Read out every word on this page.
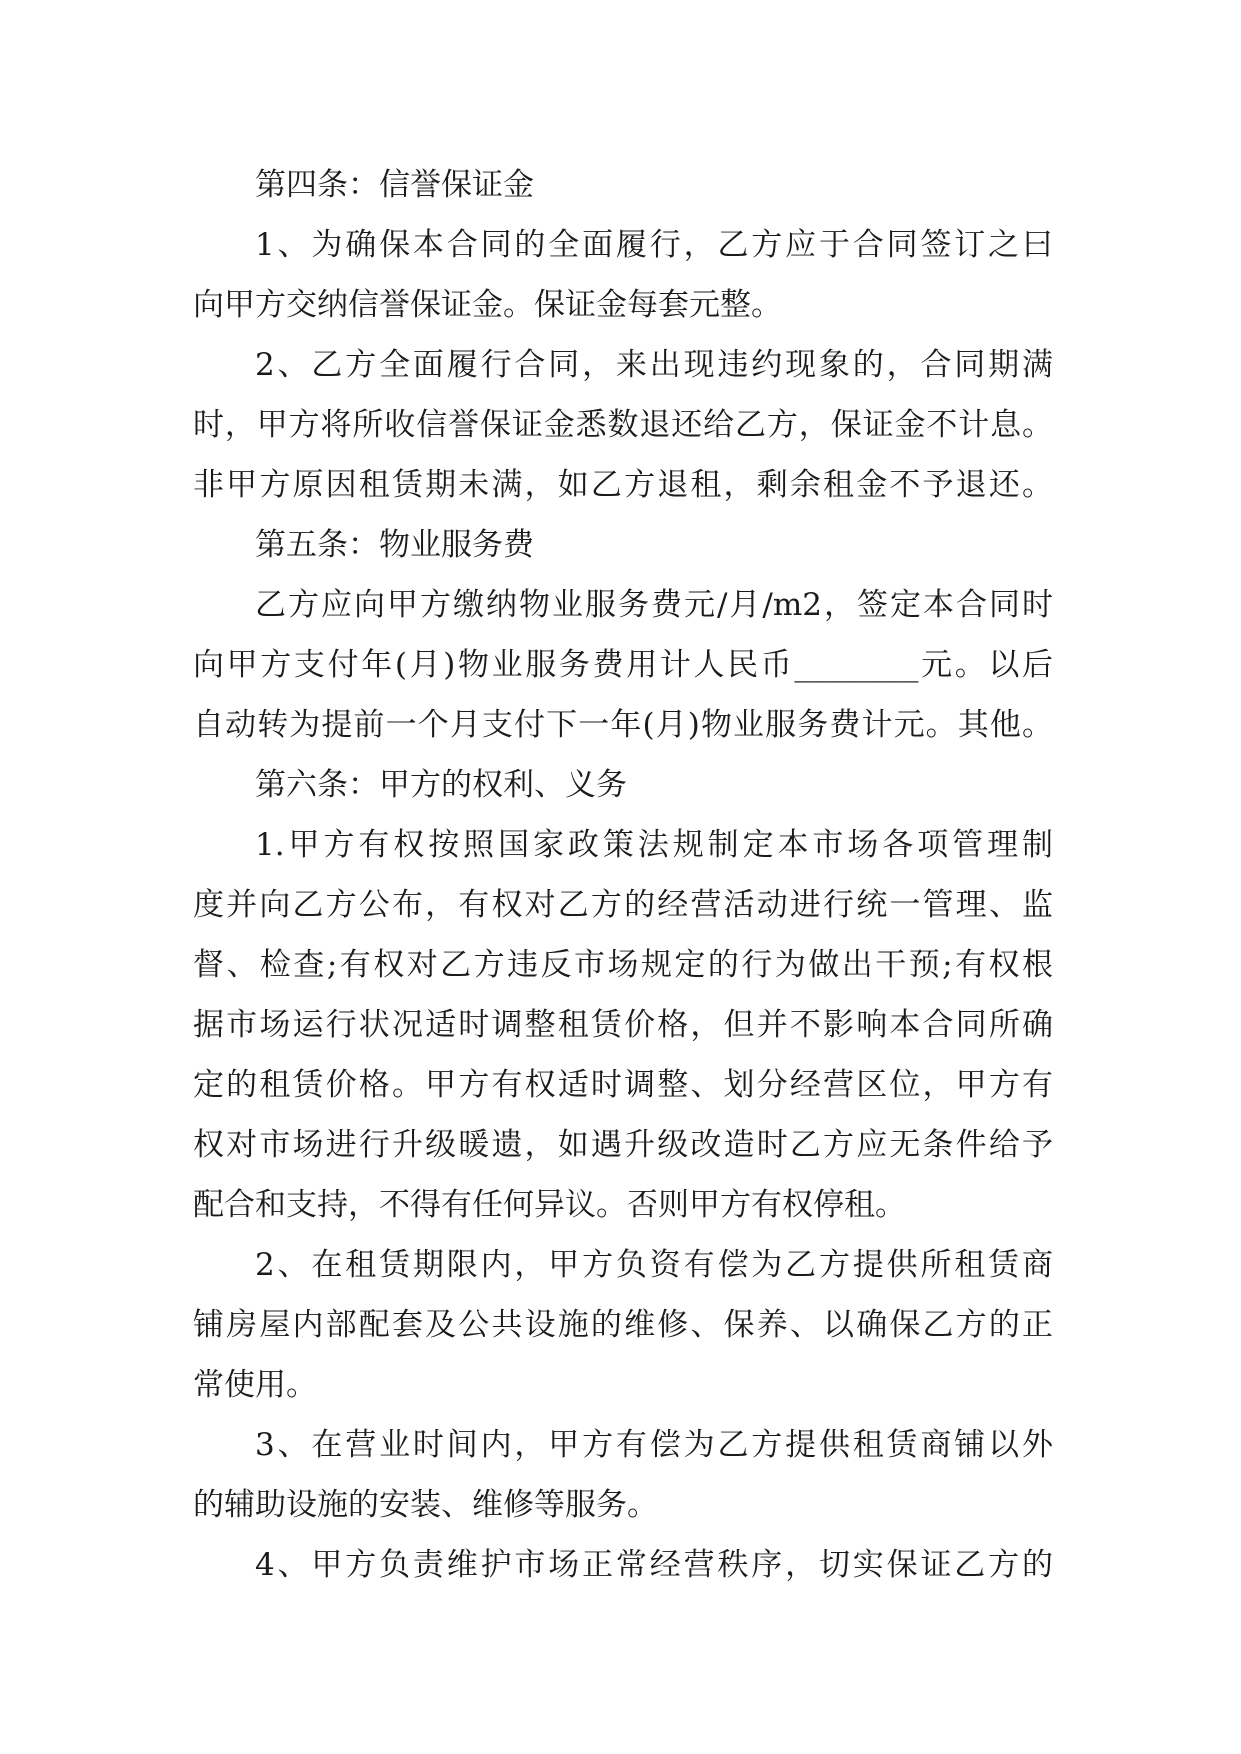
第四条：信誉保证金
1、为确保本合同的全面履行，乙方应于合同签订之曰
向甲方交纳信誉保证金。保证金每套元整。
2、乙方全面履行合同，来出现违约现象的，合同期满
时，甲方将所收信誉保证金悉数退还给乙方，保证金不计息。
非甲方原因租赁期未满，如乙方退租，剩余租金不予退还。
第五条：物业服务费
乙方应向甲方缴纳物业服务费元/月/m2，签定本合同时
向甲方支付年(月)物业服务费用计人民币________元。以后
自动转为提前一个月支付下一年(月)物业服务费计元。其他。
第六条：甲方的权利、义务
1.甲方有权按照国家政策法规制定本市场各项管理制
度并向乙方公布，有权对乙方的经营活动进行统一管理、监
督、检查;有权对乙方违反市场规定的行为做出干预;有权根
据市场运行状况适时调整租赁价格，但并不影响本合同所确
定的租赁价格。甲方有权适时调整、划分经营区位，甲方有
权对市场进行升级暖遗，如遇升级改造时乙方应无条件给予
配合和支持，不得有任何异议。否则甲方有权停租。
2、在租赁期限内，甲方负资有偿为乙方提供所租赁商
铺房屋内部配套及公共设施的维修、保养、以确保乙方的正
常使用。
3、在营业时间内，甲方有偿为乙方提供租赁商铺以外
的辅助设施的安装、维修等服务。
4、甲方负责维护市场正常经营秩序，切实保证乙方的
